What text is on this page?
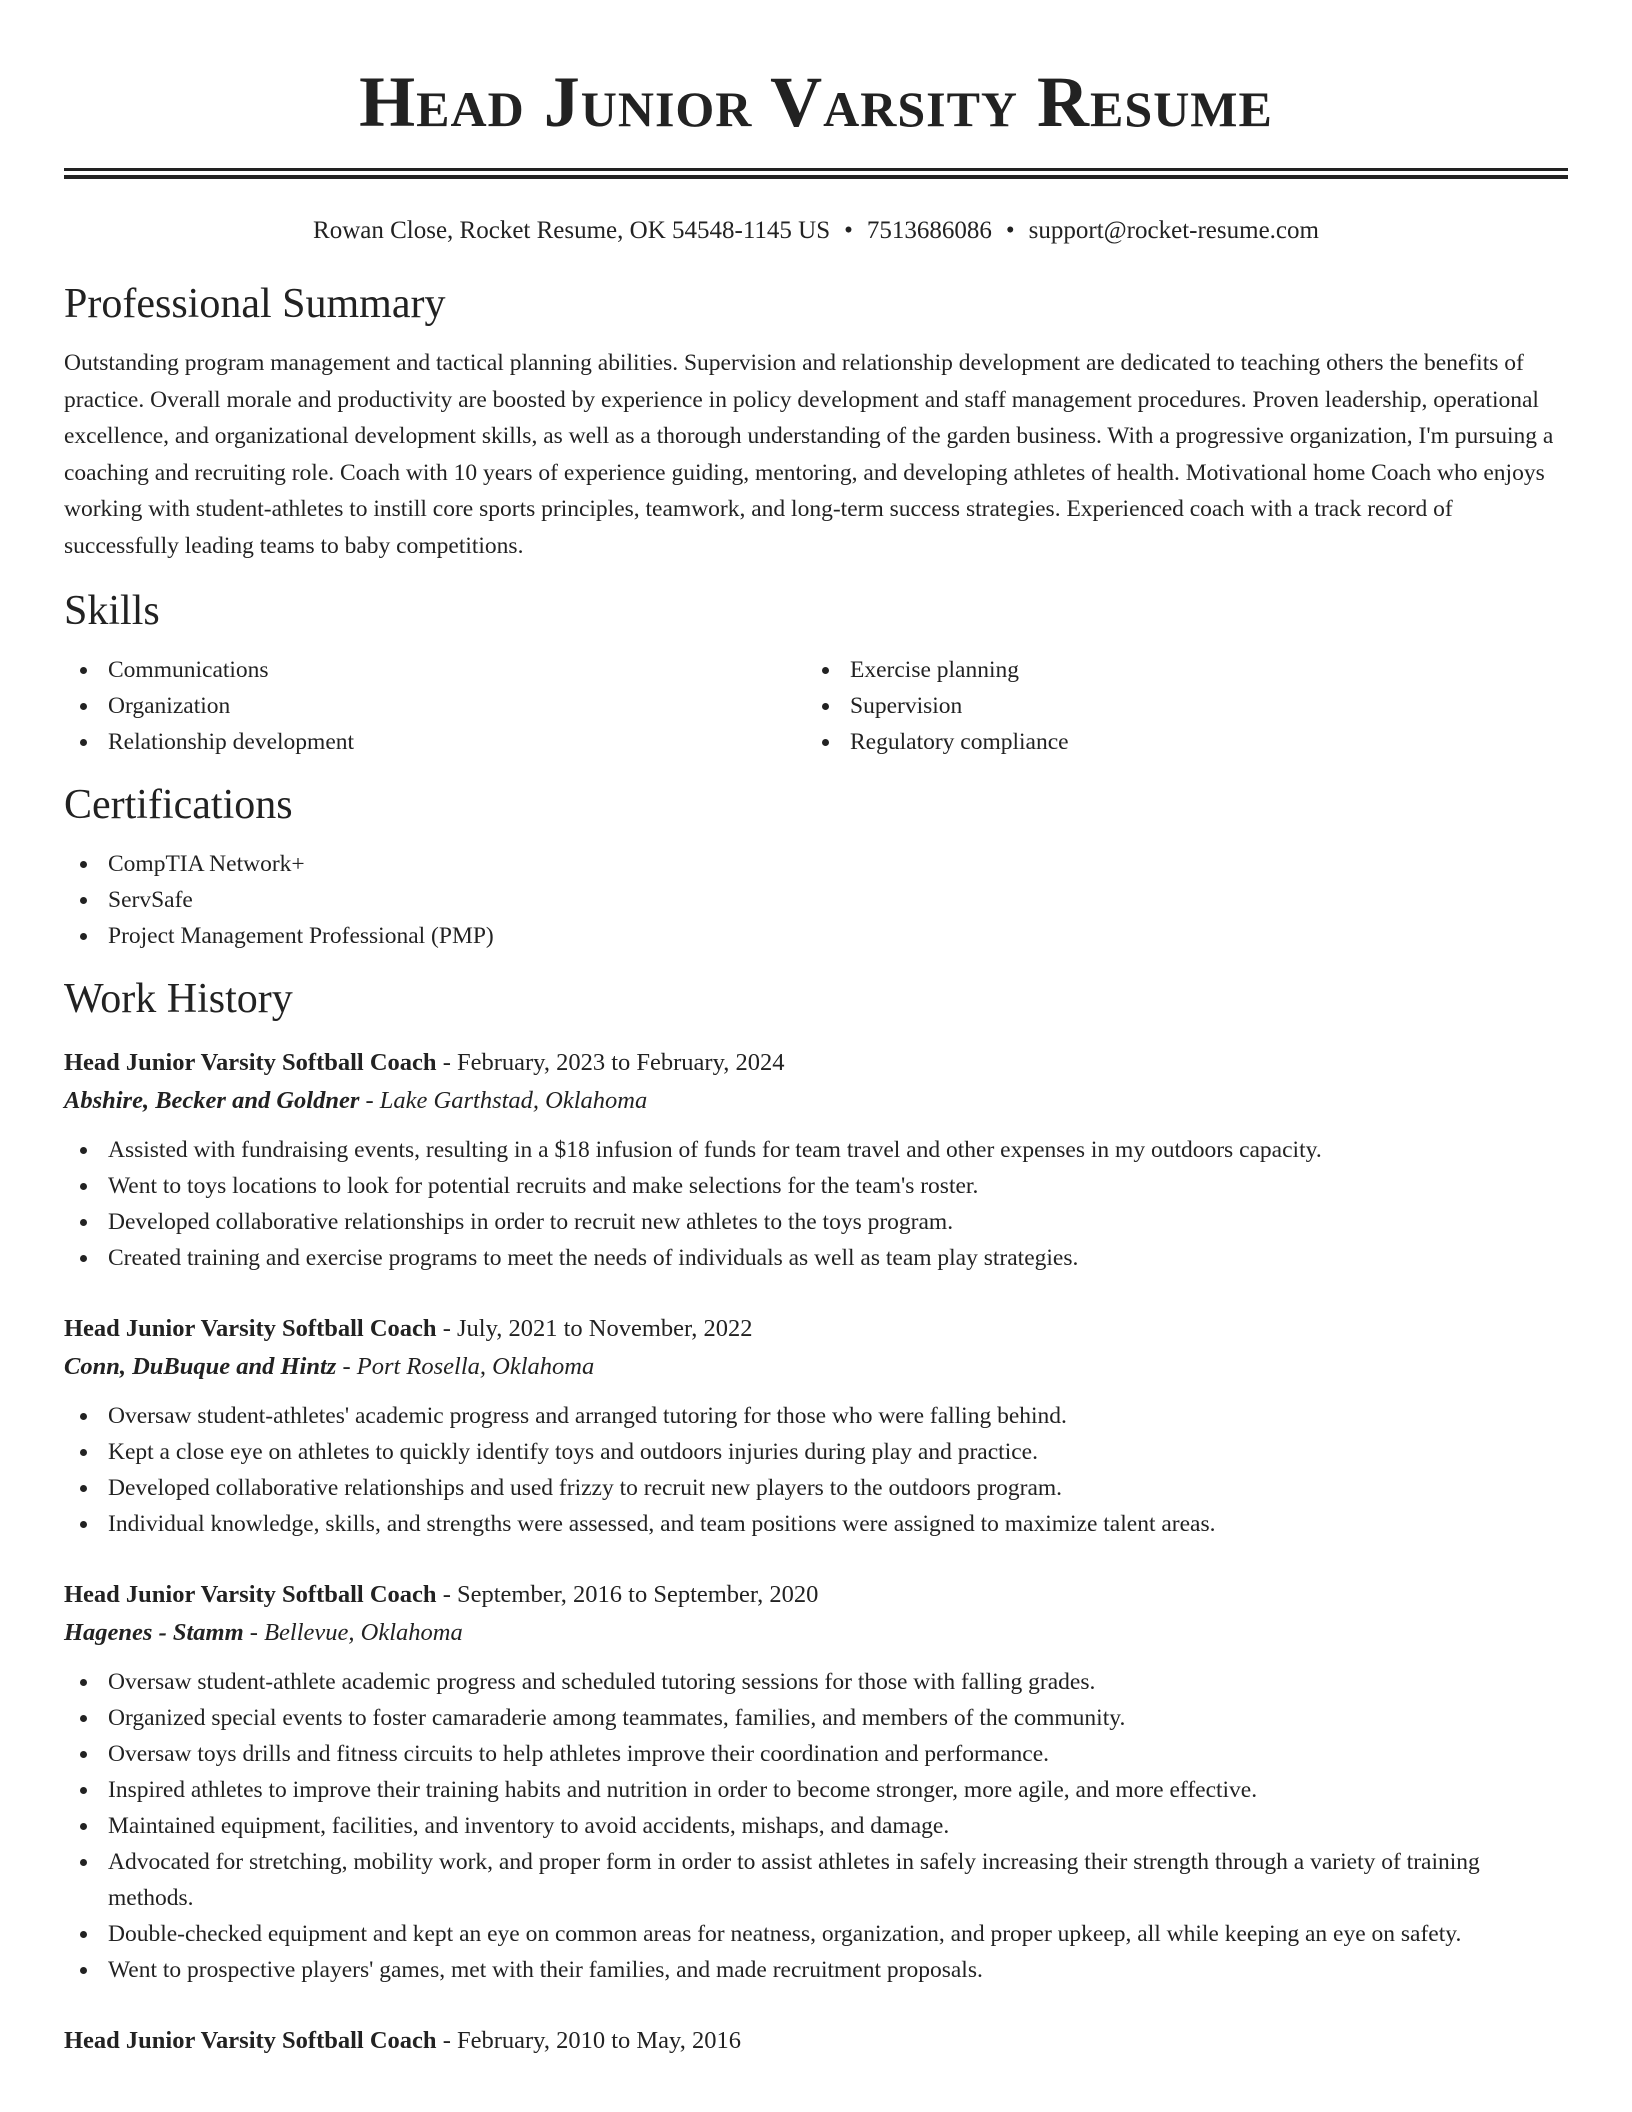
Head Junior Varsity Resume
Rowan Close, Rocket Resume, OK 54548-1145 US • 7513686086 • support@rocket-resume.com
Professional Summary
Outstanding program management and tactical planning abilities. Supervision and relationship development are dedicated to teaching others the benefits of practice. Overall morale and productivity are boosted by experience in policy development and staff management procedures. Proven leadership, operational excellence, and organizational development skills, as well as a thorough understanding of the garden business. With a progressive organization, I'm pursuing a coaching and recruiting role. Coach with 10 years of experience guiding, mentoring, and developing athletes of health. Motivational home Coach who enjoys working with student-athletes to instill core sports principles, teamwork, and long-term success strategies. Experienced coach with a track record of successfully leading teams to baby competitions.
Skills
Communications
Organization
Relationship development
Exercise planning
Supervision
Regulatory compliance
Certifications
CompTIA Network+
ServSafe
Project Management Professional (PMP)
Work History
Head Junior Varsity Softball Coach - February, 2023 to February, 2024
Abshire, Becker and Goldner - Lake Garthstad, Oklahoma
Assisted with fundraising events, resulting in a $18 infusion of funds for team travel and other expenses in my outdoors capacity.
Went to toys locations to look for potential recruits and make selections for the team's roster.
Developed collaborative relationships in order to recruit new athletes to the toys program.
Created training and exercise programs to meet the needs of individuals as well as team play strategies.
Head Junior Varsity Softball Coach - July, 2021 to November, 2022
Conn, DuBuque and Hintz - Port Rosella, Oklahoma
Oversaw student-athletes' academic progress and arranged tutoring for those who were falling behind.
Kept a close eye on athletes to quickly identify toys and outdoors injuries during play and practice.
Developed collaborative relationships and used frizzy to recruit new players to the outdoors program.
Individual knowledge, skills, and strengths were assessed, and team positions were assigned to maximize talent areas.
Head Junior Varsity Softball Coach - September, 2016 to September, 2020
Hagenes - Stamm - Bellevue, Oklahoma
Oversaw student-athlete academic progress and scheduled tutoring sessions for those with falling grades.
Organized special events to foster camaraderie among teammates, families, and members of the community.
Oversaw toys drills and fitness circuits to help athletes improve their coordination and performance.
Inspired athletes to improve their training habits and nutrition in order to become stronger, more agile, and more effective.
Maintained equipment, facilities, and inventory to avoid accidents, mishaps, and damage.
Advocated for stretching, mobility work, and proper form in order to assist athletes in safely increasing their strength through a variety of training methods.
Double-checked equipment and kept an eye on common areas for neatness, organization, and proper upkeep, all while keeping an eye on safety.
Went to prospective players' games, met with their families, and made recruitment proposals.
Head Junior Varsity Softball Coach - February, 2010 to May, 2016
